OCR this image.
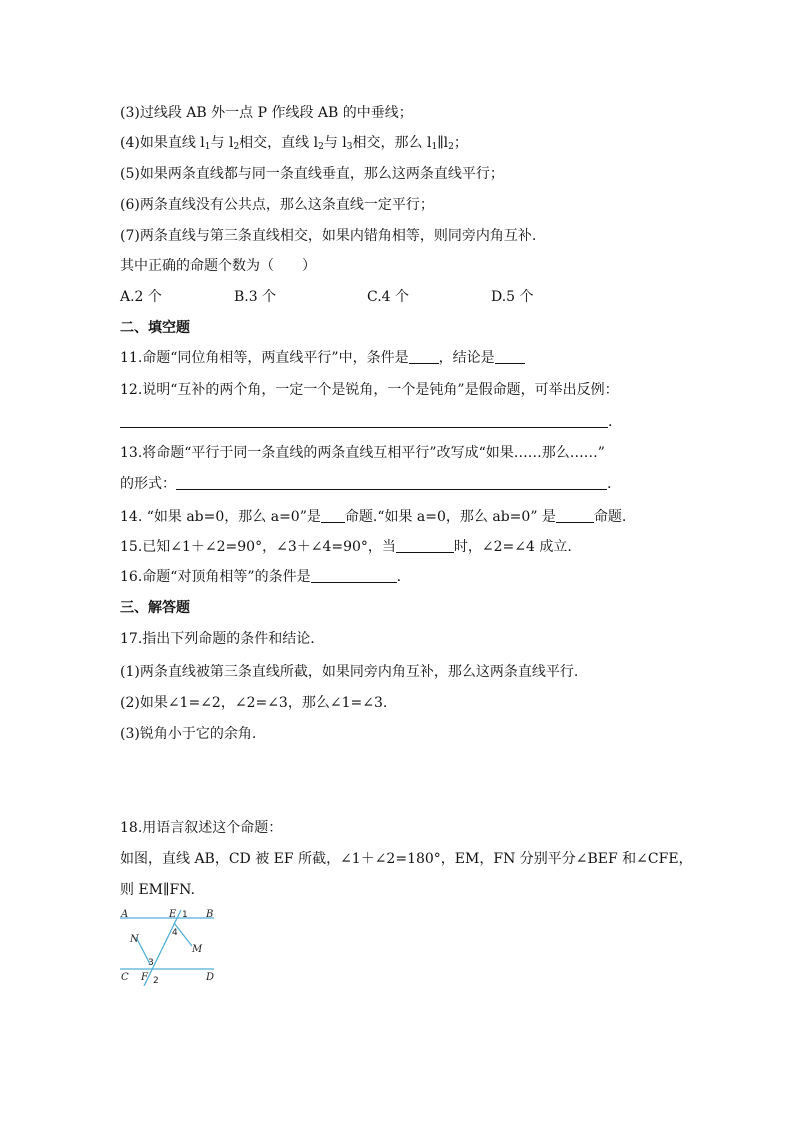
(3)过线段 AB 外一点 P 作线段 AB 的中垂线；
(4)如果直线 $l_1$与 $l_2$相交，直线 $l_2$与 $l_3$相交，那么 $l_1\parallel l_2$；
(5)如果两条直线都与同一条直线垂直，那么这两条直线平行；
(6)两条直线没有公共点，那么这条直线一定平行；
(7)两条直线与第三条直线相交，如果内错角相等，则同旁内角互补.
其中正确的命题个数为（　　）
A.2 个	B.3 个	C.4 个	D.5 个
二、填空题
11.命题“同位角相等，两直线平行”中，条件是 ，结论是
12.说明“互补的两个角，一定一个是锐角，一个是钝角”是假命题，可举出反例：
.
13.将命题“平行于同一条直线的两条直线互相平行”改写成“如果……那么……”
的形式：	.
14. “如果 ab=0，那么 a=0”是 命题.“如果 a=0，那么 ab=0” 是	命题.
15.已知∠1＋∠2=90°，∠3＋∠4=90°，当	时，∠2=∠4 成立.
16.命题“对顶角相等”的条件是	.
三、解答题
17.指出下列命题的条件和结论.
(1)两条直线被第三条直线所截，如果同旁内角互补，那么这两条直线平行.
(2)如果∠1=∠2，∠2=∠3，那么∠1=∠3.
(3)锐角小于它的余角.
18.用语言叙述这个命题：
如图，直线 AB，CD 被 EF 所截，∠1＋∠2=180°，EM，FN 分别平分∠BEF 和∠CFE，
则 EM∥FN.
A	B
E
N
M
C F	D
1
4
3
2
